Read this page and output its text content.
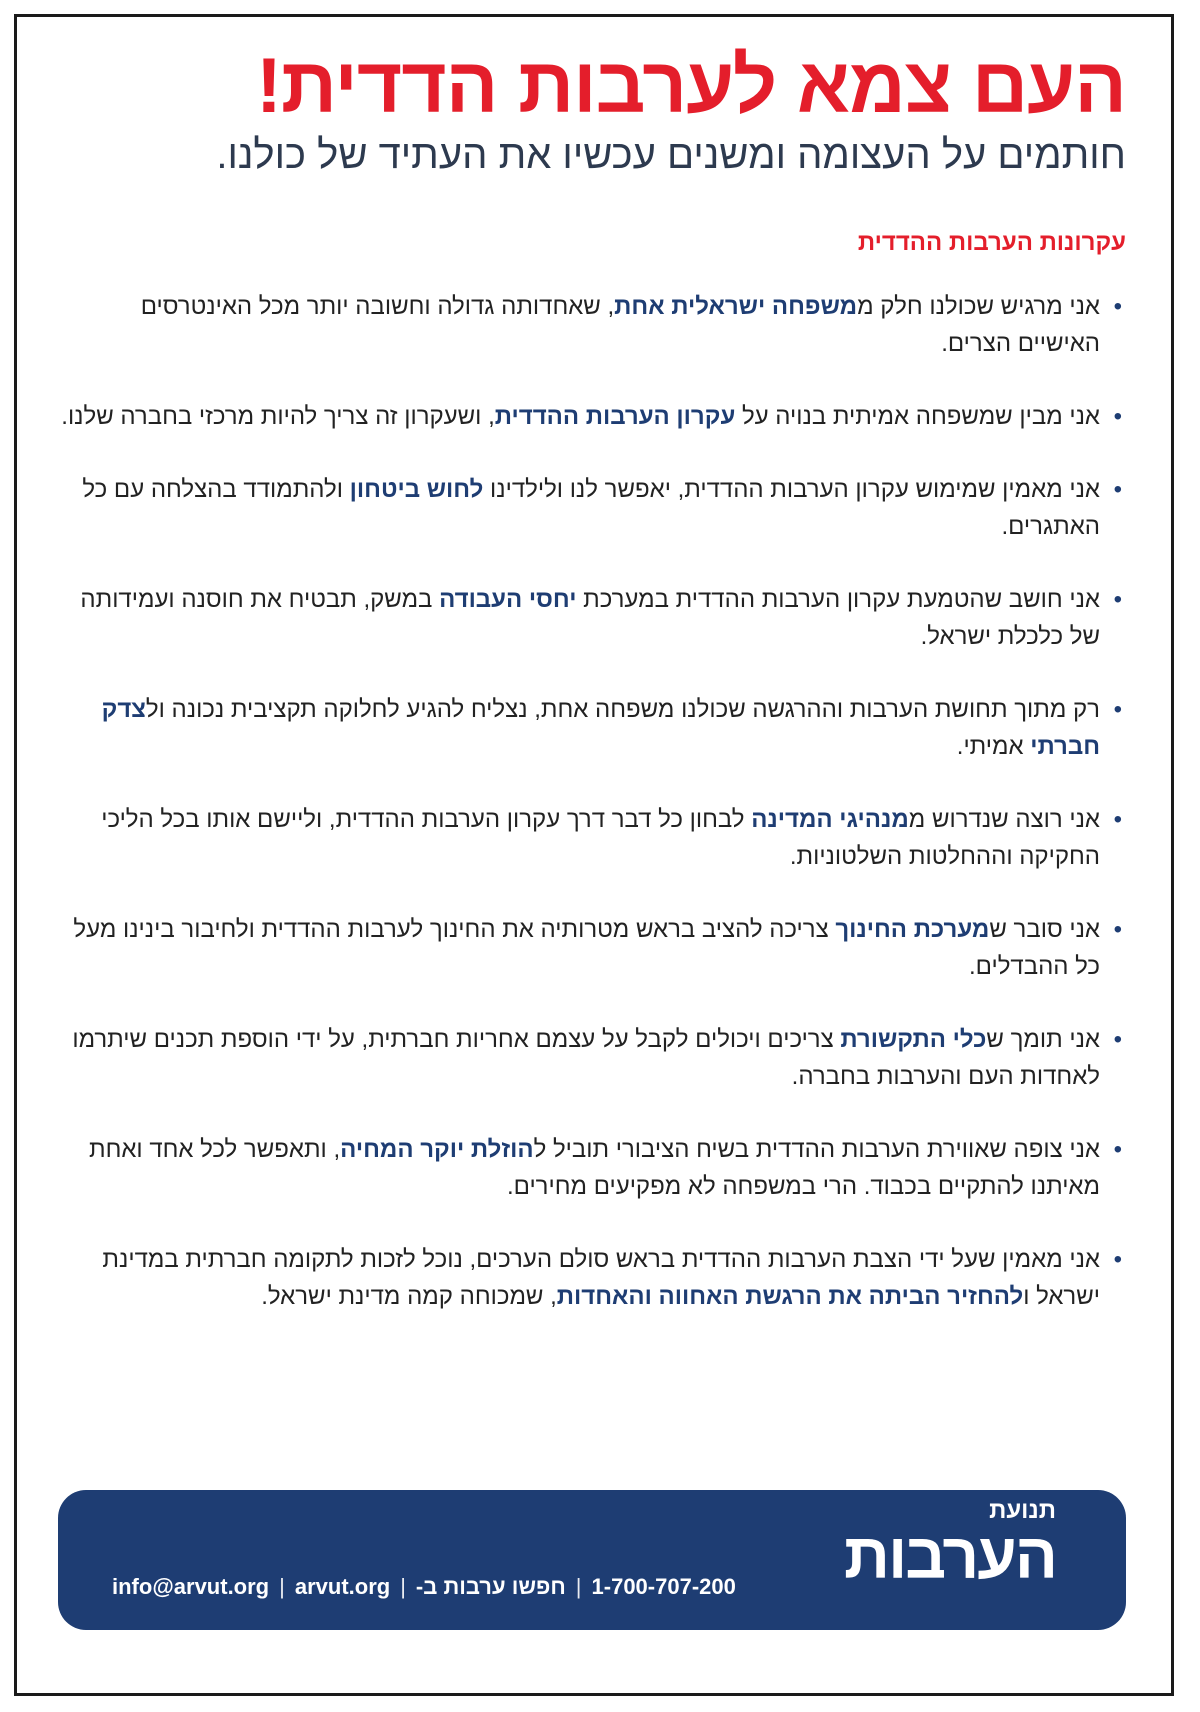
העם צמא לערבות הדדית!

חותמים על העצומה ומשנים עכשיו את העתיד של כולנו.

עקרונות הערבות ההדדית
•
אני מרגיש שכולנו חלק ממשפחה ישראלית אחת, שאחדותה גדולה וחשובה יותר מכל האינטרסים האישיים הצרים.
•
אני מבין שמשפחה אמיתית בנויה על עקרון הערבות ההדדית, ושעקרון זה צריך להיות מרכזי בחברה שלנו.
•
אני מאמין שמימוש עקרון הערבות ההדדית, יאפשר לנו ולילדינו לחוש ביטחון ולהתמודד בהצלחה עם כל האתגרים.
•
אני חושב שהטמעת עקרון הערבות ההדדית במערכת יחסי העבודה במשק, תבטיח את חוסנה ועמידותה של כלכלת ישראל.
•
רק מתוך תחושת הערבות וההרגשה שכולנו משפחה אחת, נצליח להגיע לחלוקה תקציבית נכונה ולצדק חברתי אמיתי.
•
אני רוצה שנדרוש ממנהיגי המדינה לבחון כל דבר דרך עקרון הערבות ההדדית, וליישם אותו בכל הליכי החקיקה וההחלטות השלטוניות.
•
אני סובר שמערכת החינוך צריכה להציב בראש מטרותיה את החינוך לערבות ההדדית ולחיבור בינינו מעל כל ההבדלים.
•
אני תומך שכלי התקשורת צריכים ויכולים לקבל על עצמם אחריות חברתית, על ידי הוספת תכנים שיתרמו לאחדות העם והערבות בחברה.
•
אני צופה שאווירת הערבות ההדדית בשיח הציבורי תוביל להוזלת יוקר המחיה, ותאפשר לכל אחד ואחת מאיתנו להתקיים בכבוד. הרי במשפחה לא מפקיעים מחירים.
•
אני מאמין שעל ידי הצבת הערבות ההדדית בראש סולם הערכים, נוכל לזכות לתקומה חברתית במדינת ישראל ולהחזיר הביתה את הרגשת האחווה והאחדות, שמכוחה קמה מדינת ישראל.
תנועת
הערבות
info@arvut.org | arvut.org | חפשו ערבות ב- | 1-700-707-200
